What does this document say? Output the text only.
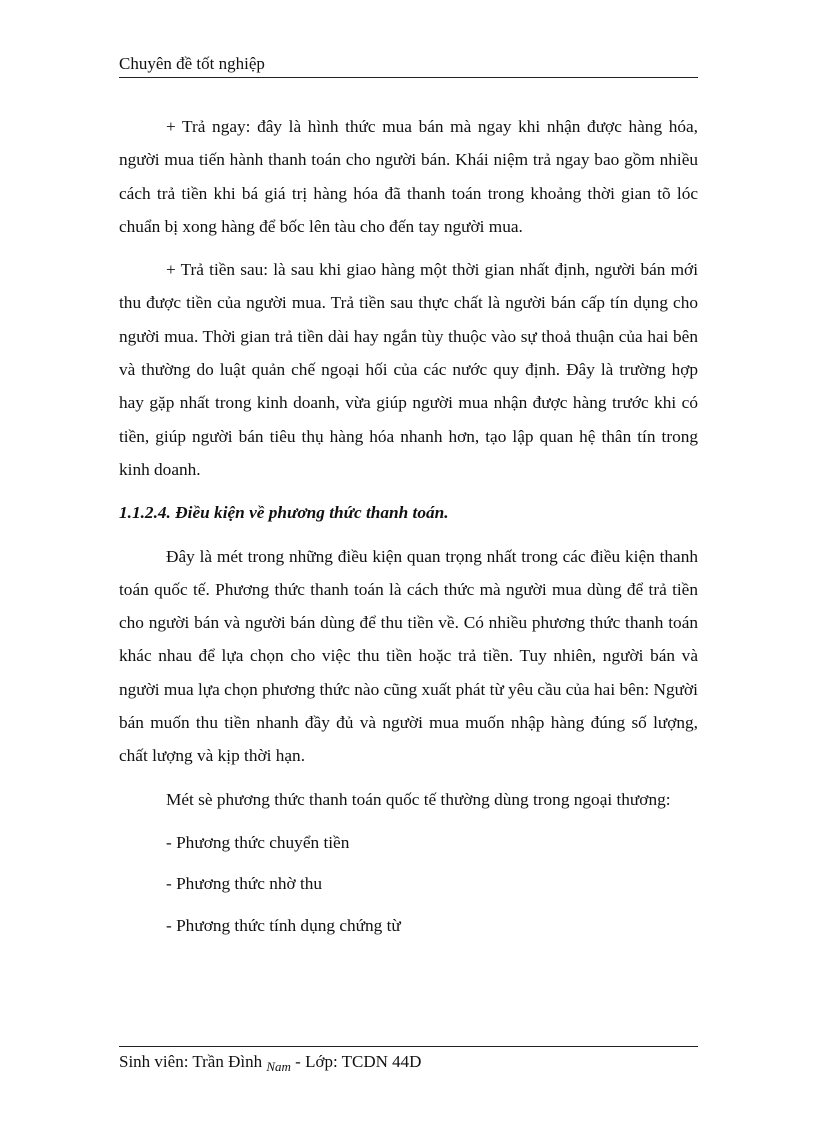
Chuyên đề tốt nghiệp

+ Trả ngay: đây là hình thức mua bán mà ngay khi nhận được hàng hóa, người mua tiến hành thanh toán cho người bán. Khái niệm trả ngay bao gồm nhiều cách trả tiền khi bá giá trị hàng hóa đã thanh toán trong khoảng thời gian tõ lóc chuẩn bị xong hàng để bốc lên tàu cho đến tay người mua.

+ Trả tiền sau: là sau khi giao hàng một thời gian nhất định, người bán mới thu được tiền của người mua. Trả tiền sau thực chất là người bán cấp tín dụng cho người mua. Thời gian trả tiền dài hay ngắn tùy thuộc vào sự thoả thuận của hai bên và thường do luật quản chế ngoại hối của các nước quy định. Đây là trường hợp hay gặp nhất trong kinh doanh, vừa giúp người mua nhận được hàng trước khi có tiền, giúp người bán tiêu thụ hàng hóa nhanh hơn, tạo lập quan hệ thân tín trong kinh doanh.

1.1.2.4. Điều kiện về phương thức thanh toán.

Đây là mét trong những điều kiện quan trọng nhất trong các điều kiện thanh toán quốc tế. Phương thức thanh toán là cách thức mà người mua dùng để trả tiền cho người bán và người bán dùng để thu tiền về. Có nhiều phương thức thanh toán khác nhau để lựa chọn cho việc thu tiền hoặc trả tiền. Tuy nhiên, người bán và người mua lựa chọn phương thức nào cũng xuất phát từ yêu cầu của hai bên: Người bán muốn thu tiền nhanh đầy đủ và người mua muốn nhập hàng đúng số lượng, chất lượng và kịp thời hạn.

Mét sè phương thức thanh toán quốc tế thường dùng trong ngoại thương:

- Phương thức chuyển tiền
- Phương thức nhờ thu
- Phương thức tính dụng chứng từ
Sinh viên: Trần Đình $_{Nam}$ - Lớp: TCDN 44D
